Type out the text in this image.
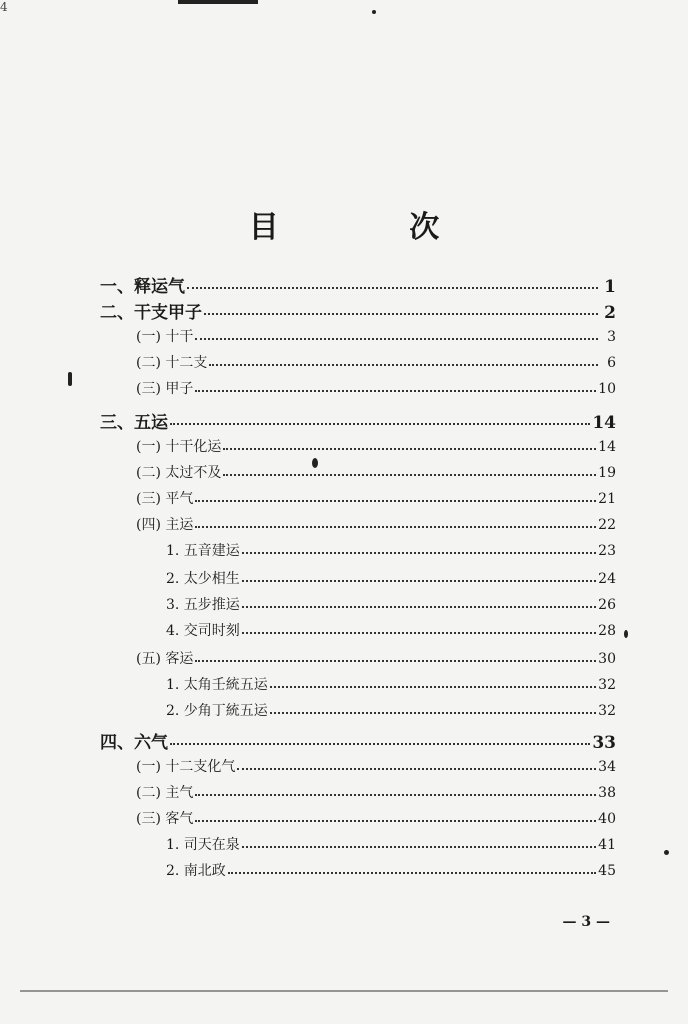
4
目 次
一、释运气	1
二、干支甲子	2
(一) 十干	3
(二) 十二支	6
(三) 甲子	10
三、五运	14
(一) 十干化运	14
(二) 太过不及	19
(三) 平气	21
(四) 主运	22
1. 五音建运	23
2. 太少相生	24
3. 五步推运	26
4. 交司时刻	28
(五) 客运	30
1. 太角壬統五运	32
2. 少角丁統五运	32
四、六气	33
(一) 十二支化气	34
(二) 主气	38
(三) 客气	40
1. 司天在泉	41
2. 南北政	45
— 3 —
